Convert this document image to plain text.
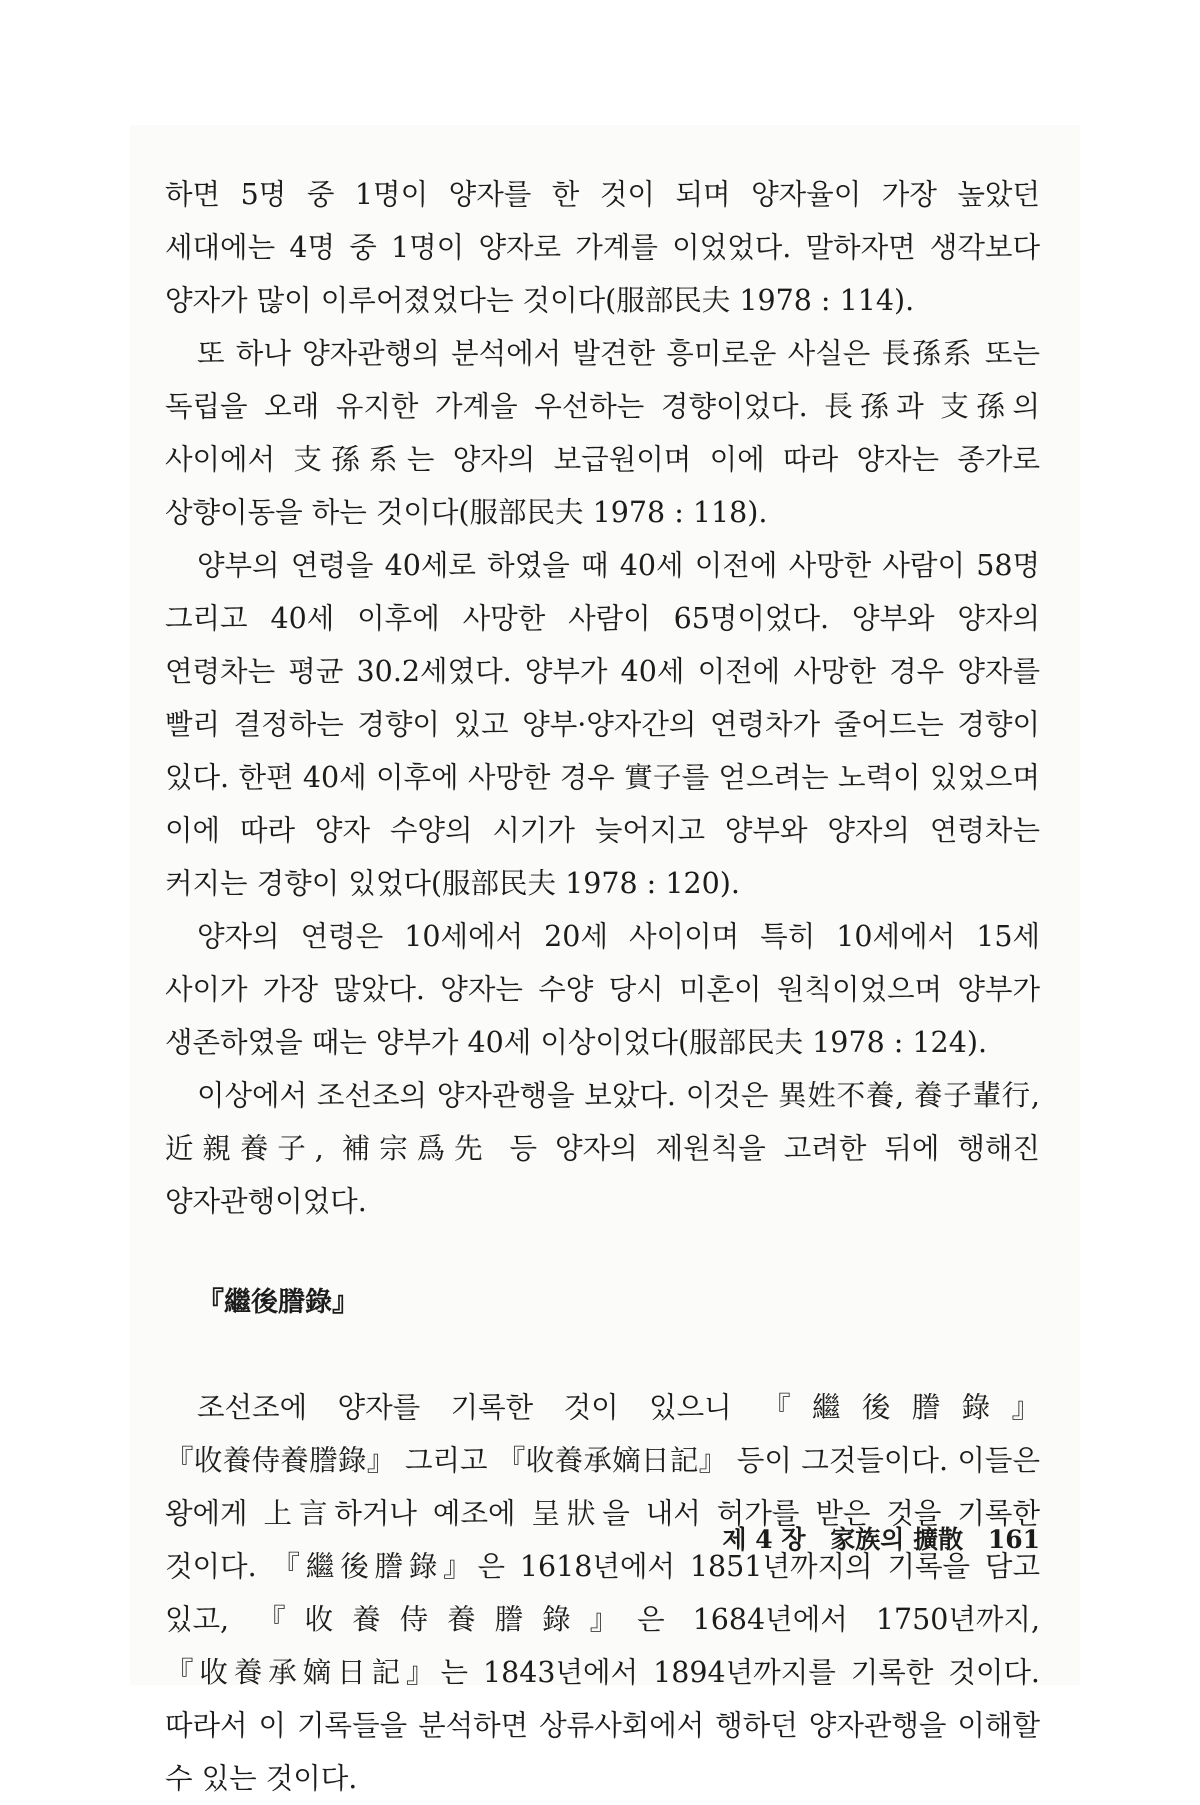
하면 5명 중 1명이 양자를 한 것이 되며 양자율이 가장 높았던 세대에는 4명 중 1명이 양자로 가계를 이었었다. 말하자면 생각보다 양자가 많이 이루어졌었다는 것이다(服部民夫 1978 : 114).

또 하나 양자관행의 분석에서 발견한 흥미로운 사실은 長孫系 또는 독립을 오래 유지한 가계을 우선하는 경향이었다. 長孫과 支孫의 사이에서 支孫系는 양자의 보급원이며 이에 따라 양자는 종가로 상향이동을 하는 것이다(服部民夫 1978 : 118).

양부의 연령을 40세로 하였을 때 40세 이전에 사망한 사람이 58명 그리고 40세 이후에 사망한 사람이 65명이었다. 양부와 양자의 연령차는 평균 30.2세였다. 양부가 40세 이전에 사망한 경우 양자를 빨리 결정하는 경향이 있고 양부·양자간의 연령차가 줄어드는 경향이 있다. 한편 40세 이후에 사망한 경우 實子를 얻으려는 노력이 있었으며 이에 따라 양자 수양의 시기가 늦어지고 양부와 양자의 연령차는 커지는 경향이 있었다(服部民夫 1978 : 120).

양자의 연령은 10세에서 20세 사이이며 특히 10세에서 15세 사이가 가장 많았다. 양자는 수양 당시 미혼이 원칙이었으며 양부가 생존하였을 때는 양부가 40세 이상이었다(服部民夫 1978 : 124).

이상에서 조선조의 양자관행을 보았다. 이것은 異姓不養, 養子輩行, 近親養子, 補宗爲先 등 양자의 제원칙을 고려한 뒤에 행해진 양자관행이었다.

『繼後謄錄』

조선조에 양자를 기록한 것이 있으니 『繼後謄錄』 『收養侍養謄錄』 그리고 『收養承嫡日記』 등이 그것들이다. 이들은 왕에게 上言하거나 예조에 呈狀을 내서 허가를 받은 것을 기록한 것이다. 『繼後謄錄』은 1618년에서 1851년까지의 기록을 담고 있고, 『收養侍養謄錄』은 1684년에서 1750년까지, 『收養承嫡日記』는 1843년에서 1894년까지를 기록한 것이다. 따라서 이 기록들을 분석하면 상류사회에서 행하던 양자관행을 이해할 수 있는 것이다.

제 4 장 家族의 擴散 161
